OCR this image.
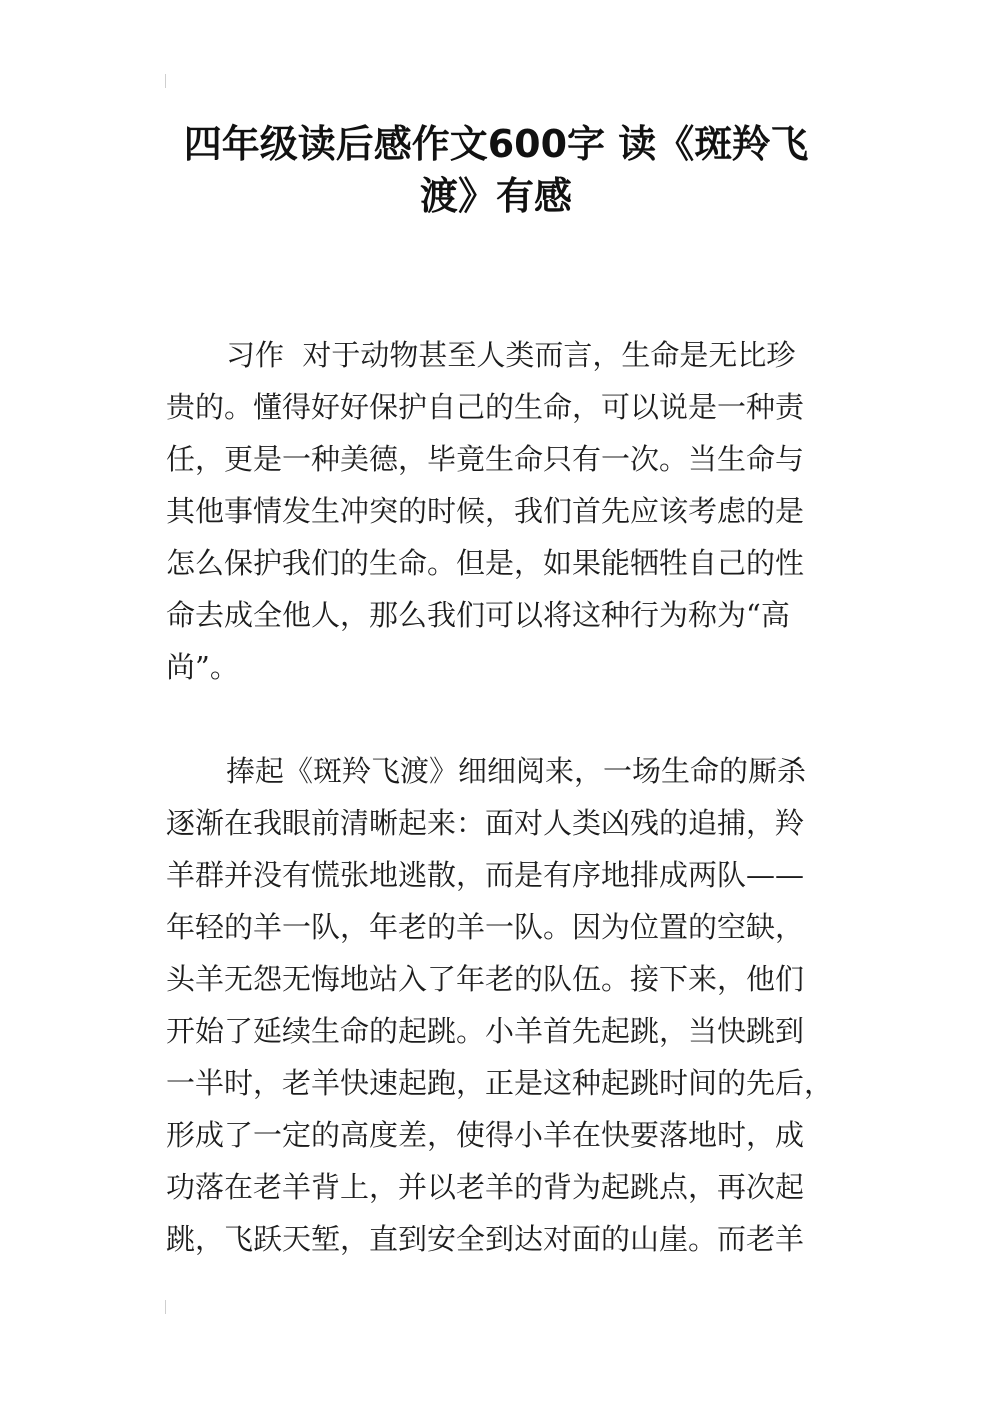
四年级读后感作文600字 读《斑羚飞
渡》有感

习作  对于动物甚至人类而言，生命是无比珍

贵的。懂得好好保护自己的生命，可以说是一种责

任，更是一种美德，毕竟生命只有一次。当生命与

其他事情发生冲突的时候，我们首先应该考虑的是

怎么保护我们的生命。但是，如果能牺牲自己的性

命去成全他人，那么我们可以将这种行为称为“高

尚”。

捧起《斑羚飞渡》细细阅来，一场生命的厮杀

逐渐在我眼前清晰起来：面对人类凶残的追捕，羚

羊群并没有慌张地逃散，而是有序地排成两队——

年轻的羊一队，年老的羊一队。因为位置的空缺，

头羊无怨无悔地站入了年老的队伍。接下来，他们

开始了延续生命的起跳。小羊首先起跳，当快跳到

一半时，老羊快速起跑，正是这种起跳时间的先后，

形成了一定的高度差，使得小羊在快要落地时，成

功落在老羊背上，并以老羊的背为起跳点，再次起

跳，飞跃天堑，直到安全到达对面的山崖。而老羊
